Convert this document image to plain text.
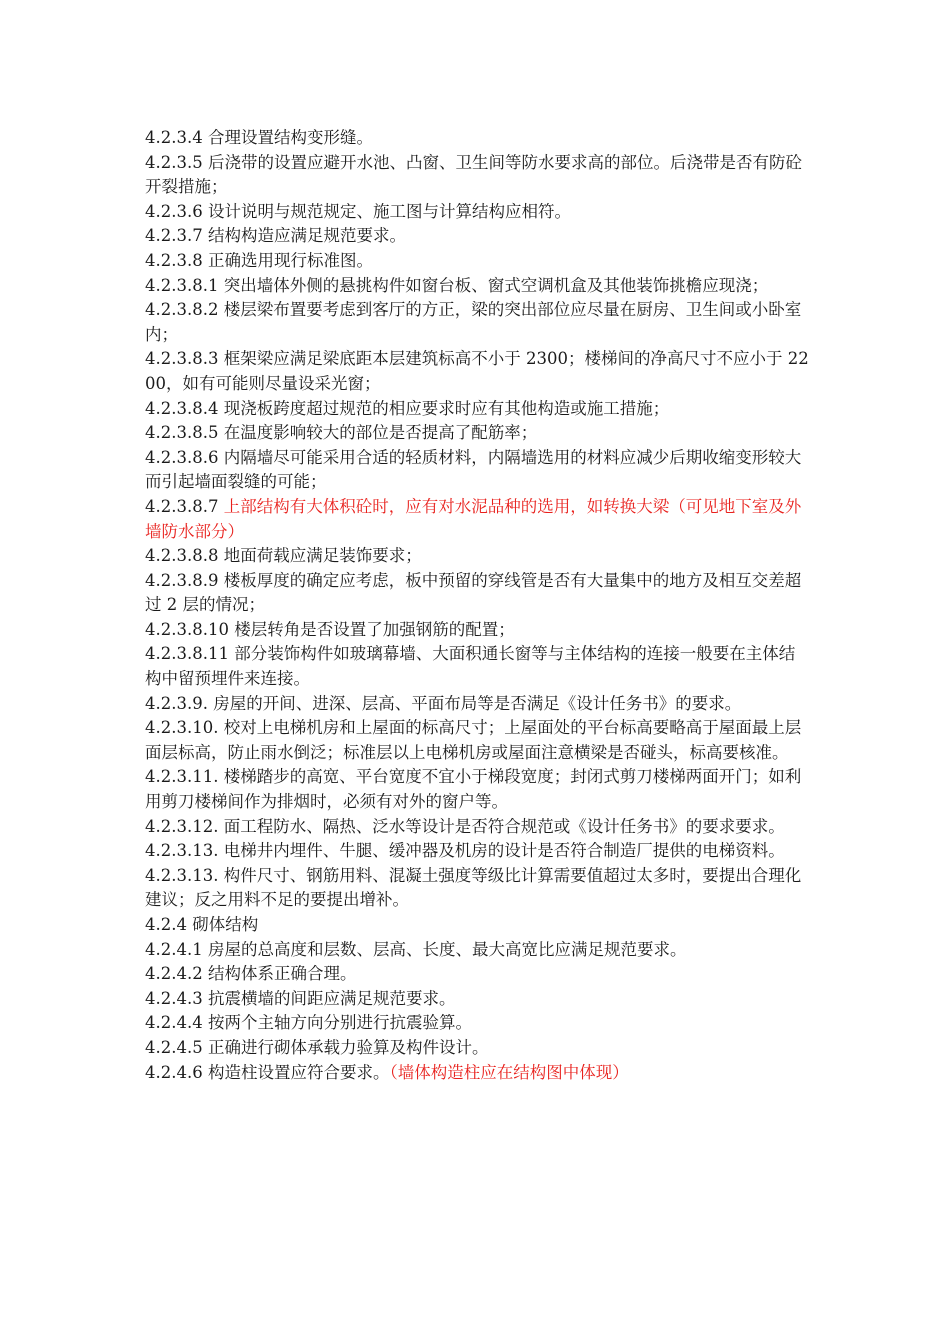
4.2.3.4 合理设置结构变形缝。

4.2.3.5 后浇带的设置应避开水池、凸窗、卫生间等防水要求高的部位。后浇带是否有防砼开裂措施；

4.2.3.6 设计说明与规范规定、施工图与计算结构应相符。

4.2.3.7 结构构造应满足规范要求。

4.2.3.8 正确选用现行标准图。

4.2.3.8.1 突出墙体外侧的悬挑构件如窗台板、窗式空调机盒及其他装饰挑檐应现浇；

4.2.3.8.2 楼层梁布置要考虑到客厅的方正，梁的突出部位应尽量在厨房、卫生间或小卧室内；

4.2.3.8.3 框架梁应满足梁底距本层建筑标高不小于 2300；楼梯间的净高尺寸不应小于 2200，如有可能则尽量设采光窗；

4.2.3.8.4 现浇板跨度超过规范的相应要求时应有其他构造或施工措施；

4.2.3.8.5 在温度影响较大的部位是否提高了配筋率；

4.2.3.8.6 内隔墙尽可能采用合适的轻质材料，内隔墙选用的材料应减少后期收缩变形较大而引起墙面裂缝的可能；

4.2.3.8.7 上部结构有大体积砼时，应有对水泥品种的选用，如转换大梁（可见地下室及外墙防水部分）

4.2.3.8.8 地面荷载应满足装饰要求；

4.2.3.8.9 楼板厚度的确定应考虑，板中预留的穿线管是否有大量集中的地方及相互交差超过 2 层的情况；

4.2.3.8.10 楼层转角是否设置了加强钢筋的配置；

4.2.3.8.11 部分装饰构件如玻璃幕墙、大面积通长窗等与主体结构的连接一般要在主体结构中留预埋件来连接。

4.2.3.9. 房屋的开间、进深、层高、平面布局等是否满足《设计任务书》的要求。

4.2.3.10. 校对上电梯机房和上屋面的标高尺寸；上屋面处的平台标高要略高于屋面最上层面层标高，防止雨水倒泛；标准层以上电梯机房或屋面注意横梁是否碰头，标高要核准。

4.2.3.11. 楼梯踏步的高宽、平台宽度不宜小于梯段宽度；封闭式剪刀楼梯两面开门；如利用剪刀楼梯间作为排烟时，必须有对外的窗户等。

4.2.3.12. 面工程防水、隔热、泛水等设计是否符合规范或《设计任务书》的要求要求。

4.2.3.13. 电梯井内埋件、牛腿、缓冲器及机房的设计是否符合制造厂提供的电梯资料。

4.2.3.13. 构件尺寸、钢筋用料、混凝土强度等级比计算需要值超过太多时，要提出合理化建议；反之用料不足的要提出增补。

4.2.4 砌体结构

4.2.4.1 房屋的总高度和层数、层高、长度、最大高宽比应满足规范要求。

4.2.4.2 结构体系正确合理。

4.2.4.3 抗震横墙的间距应满足规范要求。

4.2.4.4 按两个主轴方向分别进行抗震验算。

4.2.4.5 正确进行砌体承载力验算及构件设计。

4.2.4.6 构造柱设置应符合要求。（墙体构造柱应在结构图中体现）
